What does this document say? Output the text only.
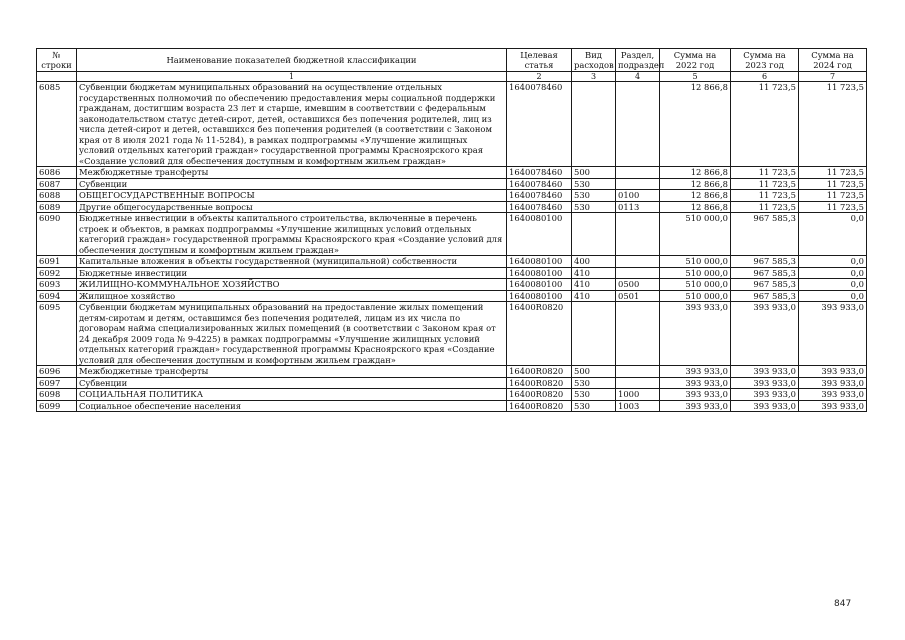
№ строки	Наименование показателей бюджетной классификации	Целевая статья	Вид расходов	Раздел, подраздел	Сумма на 2022 год	Сумма на 2023 год	Сумма на 2024 год
	1	2	3	4	5	6	7
6085	Субвенции бюджетам муниципальных образований на осуществление отдельных государственных полномочий по обеспечению предоставления меры социальной поддержки гражданам, достигшим возраста 23 лет и старше, имевшим в соответствии с федеральным законодательством статус детей-сирот, детей, оставшихся без попечения родителей, лиц из числа детей-сирот и детей, оставшихся без попечения родителей (в соответствии с Законом края от 8 июля 2021 года № 11-5284), в рамках подпрограммы «Улучшение жилищных условий отдельных категорий граждан» государственной программы Красноярского края «Создание условий для обеспечения доступным и комфортным жильем граждан»	1640078460			12 866,8	11 723,5	11 723,5
6086	Межбюджетные трансферты	1640078460	500		12 866,8	11 723,5	11 723,5
6087	Субвенции	1640078460	530		12 866,8	11 723,5	11 723,5
6088	ОБЩЕГОСУДАРСТВЕННЫЕ ВОПРОСЫ	1640078460	530	0100	12 866,8	11 723,5	11 723,5
6089	Другие общегосударственные вопросы	1640078460	530	0113	12 866,8	11 723,5	11 723,5
6090	Бюджетные инвестиции в объекты капитального строительства, включенные в перечень строек и объектов, в рамках подпрограммы «Улучшение жилищных условий отдельных категорий граждан» государственной программы Красноярского края «Создание условий для обеспечения доступным и комфортным жильем граждан»	1640080100			510 000,0	967 585,3	0,0
6091	Капитальные вложения в объекты государственной (муниципальной) собственности	1640080100	400		510 000,0	967 585,3	0,0
6092	Бюджетные инвестиции	1640080100	410		510 000,0	967 585,3	0,0
6093	ЖИЛИЩНО-КОММУНАЛЬНОЕ ХОЗЯЙСТВО	1640080100	410	0500	510 000,0	967 585,3	0,0
6094	Жилищное хозяйство	1640080100	410	0501	510 000,0	967 585,3	0,0
6095	Субвенции бюджетам муниципальных образований на предоставление жилых помещений детям-сиротам и детям, оставшимся без попечения родителей, лицам из их числа по договорам найма специализированных жилых помещений (в соответствии с Законом края от 24 декабря 2009 года № 9-4225) в рамках подпрограммы «Улучшение жилищных условий отдельных категорий граждан» государственной программы Красноярского края «Создание условий для обеспечения доступным и комфортным жильем граждан»	16400R0820			393 933,0	393 933,0	393 933,0
6096	Межбюджетные трансферты	16400R0820	500		393 933,0	393 933,0	393 933,0
6097	Субвенции	16400R0820	530		393 933,0	393 933,0	393 933,0
6098	СОЦИАЛЬНАЯ ПОЛИТИКА	16400R0820	530	1000	393 933,0	393 933,0	393 933,0
6099	Социальное обеспечение населения	16400R0820	530	1003	393 933,0	393 933,0	393 933,0
847
